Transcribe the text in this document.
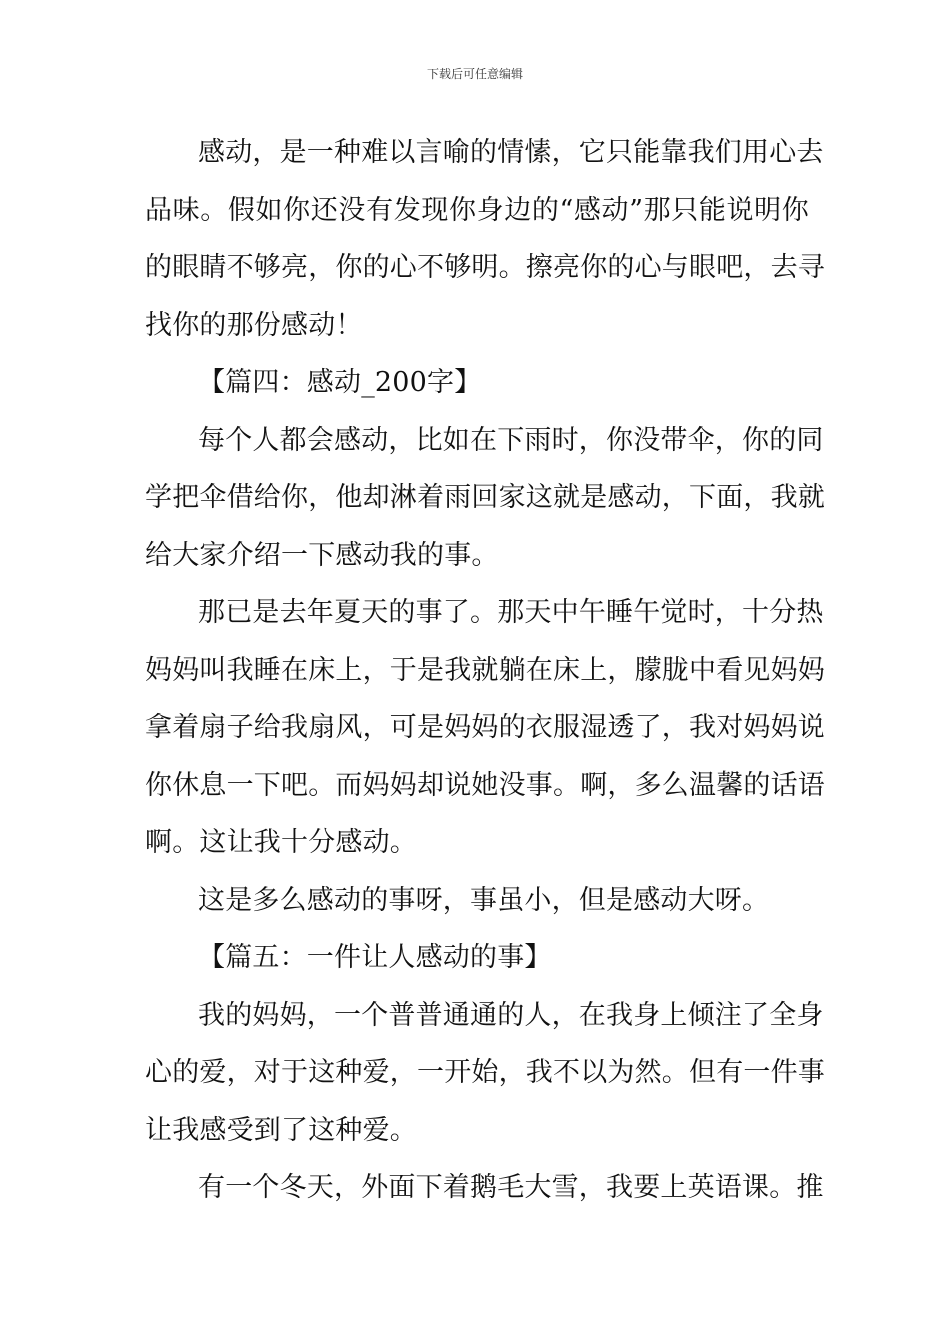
下载后可任意编辑
感动，是一种难以言喻的情愫，它只能靠我们用心去
品味。假如你还没有发现你身边的“感动”那只能说明你
的眼睛不够亮，你的心不够明。擦亮你的心与眼吧，去寻
找你的那份感动！
【篇四：感动_200字】
每个人都会感动，比如在下雨时，你没带伞，你的同
学把伞借给你，他却淋着雨回家这就是感动，下面，我就
给大家介绍一下感动我的事。
那已是去年夏天的事了。那天中午睡午觉时，十分热
妈妈叫我睡在床上，于是我就躺在床上，朦胧中看见妈妈
拿着扇子给我扇风，可是妈妈的衣服湿透了，我对妈妈说
你休息一下吧。而妈妈却说她没事。啊，多么温馨的话语
啊。这让我十分感动。
这是多么感动的事呀，事虽小，但是感动大呀。
【篇五：一件让人感动的事】
我的妈妈，一个普普通通的人，在我身上倾注了全身
心的爱，对于这种爱，一开始，我不以为然。但有一件事
让我感受到了这种爱。
有一个冬天，外面下着鹅毛大雪，我要上英语课。推
